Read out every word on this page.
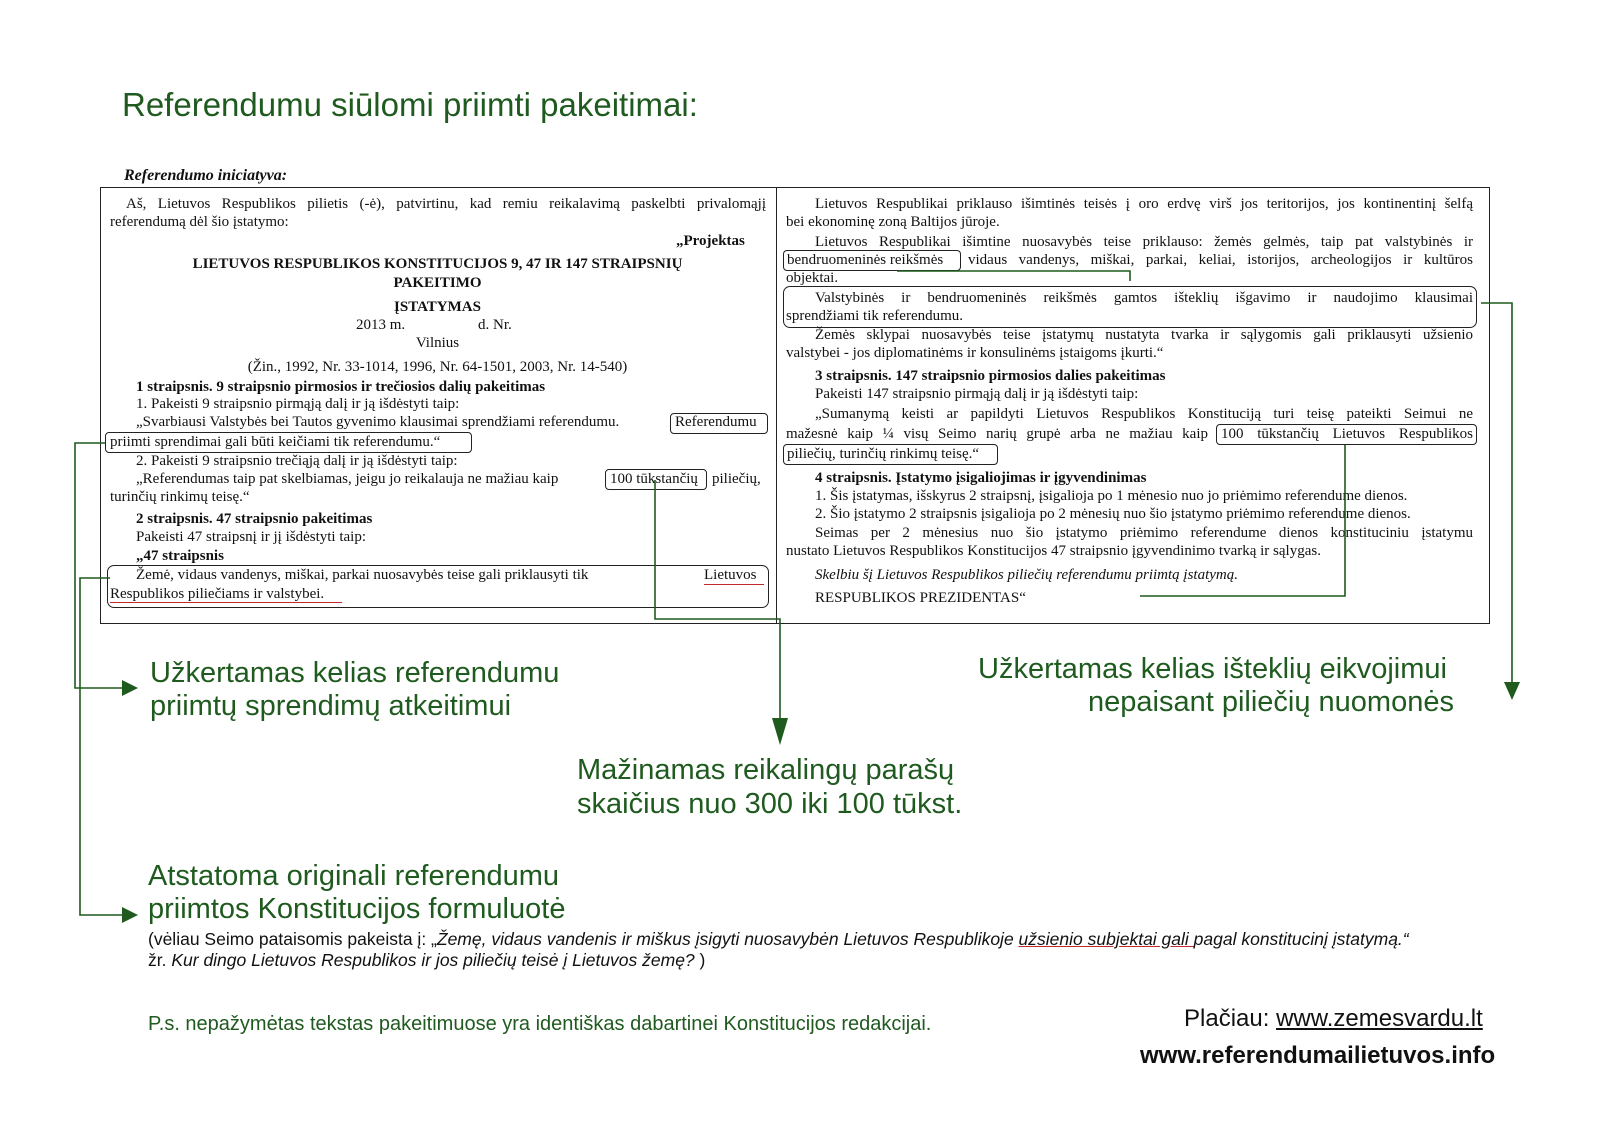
Referendumu siūlomi priimti pakeitimai:
Referendumo iniciatyva:
Aš, Lietuvos Respublikos pilietis (-ė), patvirtinu, kad remiu reikalavimą paskelbti privalomąjį
referendumą dėl šio įstatymo:
„Projektas
LIETUVOS RESPUBLIKOS KONSTITUCIJOS 9, 47 IR 147 STRAIPSNIŲ
PAKEITIMO
ĮSTATYMAS
2013 m.	d. Nr.
Vilnius
(Žin., 1992, Nr. 33-1014, 1996, Nr. 64-1501, 2003, Nr. 14-540)
1 straipsnis. 9 straipsnio pirmosios ir trečiosios dalių pakeitimas
1. Pakeisti 9 straipsnio pirmąją dalį ir ją išdėstyti taip:
„Svarbiausi Valstybės bei Tautos gyvenimo klausimai sprendžiami referendumu.	Referendumu
priimti sprendimai gali būti keičiami tik referendumu.“
2. Pakeisti 9 straipsnio trečiąją dalį ir ją išdėstyti taip:
„Referendumas taip pat skelbiamas, jeigu jo reikalauja ne mažiau kaip	100 tūkstančių piliečių,
turinčių rinkimų teisę.“
2 straipsnis. 47 straipsnio pakeitimas
Pakeisti 47 straipsnį ir jį išdėstyti taip:
„47 straipsnis
Žemė, vidaus vandenys, miškai, parkai nuosavybės teise gali priklausyti tik	Lietuvos
Respublikos piliečiams ir valstybei.
Lietuvos Respublikai priklauso išimtinės teisės į oro erdvę virš jos teritorijos, jos kontinentinį šelfą
bei ekonominę zoną Baltijos jūroje.
Lietuvos Respublikai išimtine nuosavybės teise priklauso: žemės gelmės, taip pat valstybinės ir
bendruomeninės reikšmės vidaus vandenys, miškai, parkai, keliai, istorijos, archeologijos ir kultūros
objektai.
Valstybinės ir bendruomeninės reikšmės gamtos išteklių išgavimo ir naudojimo klausimai
sprendžiami tik referendumu.
Žemės sklypai nuosavybės teise įstatymų nustatyta tvarka ir sąlygomis gali priklausyti užsienio
valstybei - jos diplomatinėms ir konsulinėms įstaigoms įkurti.“
3 straipsnis. 147 straipsnio pirmosios dalies pakeitimas
Pakeisti 147 straipsnio pirmąją dalį ir ją išdėstyti taip:
„Sumanymą keisti ar papildyti Lietuvos Respublikos Konstituciją turi teisę pateikti Seimui ne
mažesnė kaip ¼ visų Seimo narių grupė arba ne mažiau kaip 100 tūkstančių Lietuvos Respublikos
piliečių, turinčių rinkimų teisę.“
4 straipsnis. Įstatymo įsigaliojimas ir įgyvendinimas
1. Šis įstatymas, išskyrus 2 straipsnį, įsigalioja po 1 mėnesio nuo jo priėmimo referendume dienos.
2. Šio įstatymo 2 straipsnis įsigalioja po 2 mėnesių nuo šio įstatymo priėmimo referendume dienos.
Seimas per 2 mėnesius nuo šio įstatymo priėmimo referendume dienos konstituciniu įstatymu
nustato Lietuvos Respublikos Konstitucijos 47 straipsnio įgyvendinimo tvarką ir sąlygas.
Skelbiu šį Lietuvos Respublikos piliečių referendumu priimtą įstatymą.
RESPUBLIKOS PREZIDENTAS“
Užkertamas kelias referendumu
priimtų sprendimų atkeitimui
Užkertamas kelias išteklių eikvojimui
nepaisant piliečių nuomonės
Mažinamas reikalingų parašų
skaičius nuo 300 iki 100 tūkst.
Atstatoma originali referendumu
priimtos Konstitucijos formuluotė
(vėliau Seimo pataisomis pakeista į: „Žemę, vidaus vandenis ir miškus įsigyti nuosavybėn Lietuvos Respublikoje užsienio subjektai gali pagal konstitucinį įstatymą.“
žr. Kur dingo Lietuvos Respublikos ir jos piliečių teisė į Lietuvos žemę? )
P.s. nepažymėtas tekstas pakeitimuose yra identiškas dabartinei Konstitucijos redakcijai.	Plačiau: www.zemesvardu.lt
www.referendumailietuvos.info
